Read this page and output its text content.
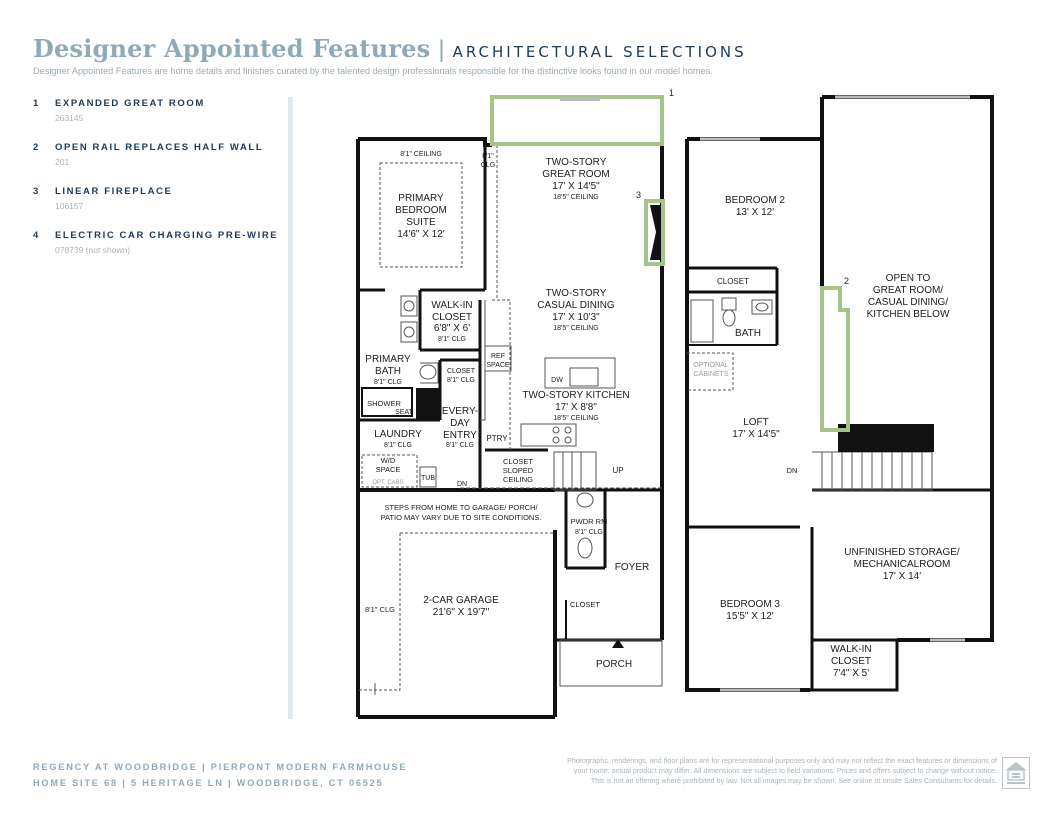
Designer Appointed Features | ARCHITECTURAL SELECTIONS
Designer Appointed Features are home details and finishes curated by the talented design professionals responsible for the distinctive looks found in our model homes.
1 EXPANDED GREAT ROOM
263145
2 OPEN RAIL REPLACES HALF WALL
201
3 LINEAR FIREPLACE
106157
4 ELECTRIC CAR CHARGING PRE-WIRE
078739 (not shown)
1
3
8'1" CEILING	8'1"
CLG	TWO-STORY
GREAT ROOM
17' X 14'5"
18'5" CEILING
PRIMARY
BEDROOM
SUITE
14'6" X 12'
TWO-STORY
CASUAL DINING
17' X 10'3"
18'5" CEILING
WALK-IN
CLOSET
6'8" X 6'
8'1" CLG
PRIMARY
BATH
8'1" CLG
CLOSET
8'1" CLG
REF
SPACE
DW
TWO-STORY KITCHEN
17' X 8'8"
18'5" CEILING
SHOWER
SEAT	EVERY-
DAY
ENTRY
8'1" CLG
PTRY
LAUNDRY
8'1" CLG
W/D
SPACE
TUB
OPT. CABS	DN
CLOSET
SLOPED
CEILING
UP
STEPS FROM HOME TO GARAGE/ PORCH/
PATIO MAY VARY DUE TO SITE CONDITIONS.	PWDR RM
8'1" CLG
2-CAR GARAGE
21'6" X 19'7"
8'1" CLG
FOYER
CLOSET
PORCH
2
BEDROOM 2
13' X 12'
CLOSET
BATH
OPTIONAL
CABINETS
OPEN TO
GREAT ROOM/
CASUAL DINING/
KITCHEN BELOW
LOFT
17' X 14'5"
DN
UNFINISHED STORAGE/
MECHANICALROOM
17' X 14'
BEDROOM 3
15'5" X 12'
WALK-IN
CLOSET
7'4" X 5'
REGENCY AT WOODBRIDGE | PIERPONT MODERN FARMHOUSE
HOME SITE 68 | 5 HERITAGE LN | WOODBRIDGE, CT 06525
Photographs, renderings, and floor plans are for representational purposes only and may not reflect the exact features or dimensions of
your home; actual product may differ. All dimensions are subject to field variations. Prices and offers subject to change without notice.
This is not an offering where prohibited by law. Not all images may be shown. See online or onsite Sales Consultants for details.
